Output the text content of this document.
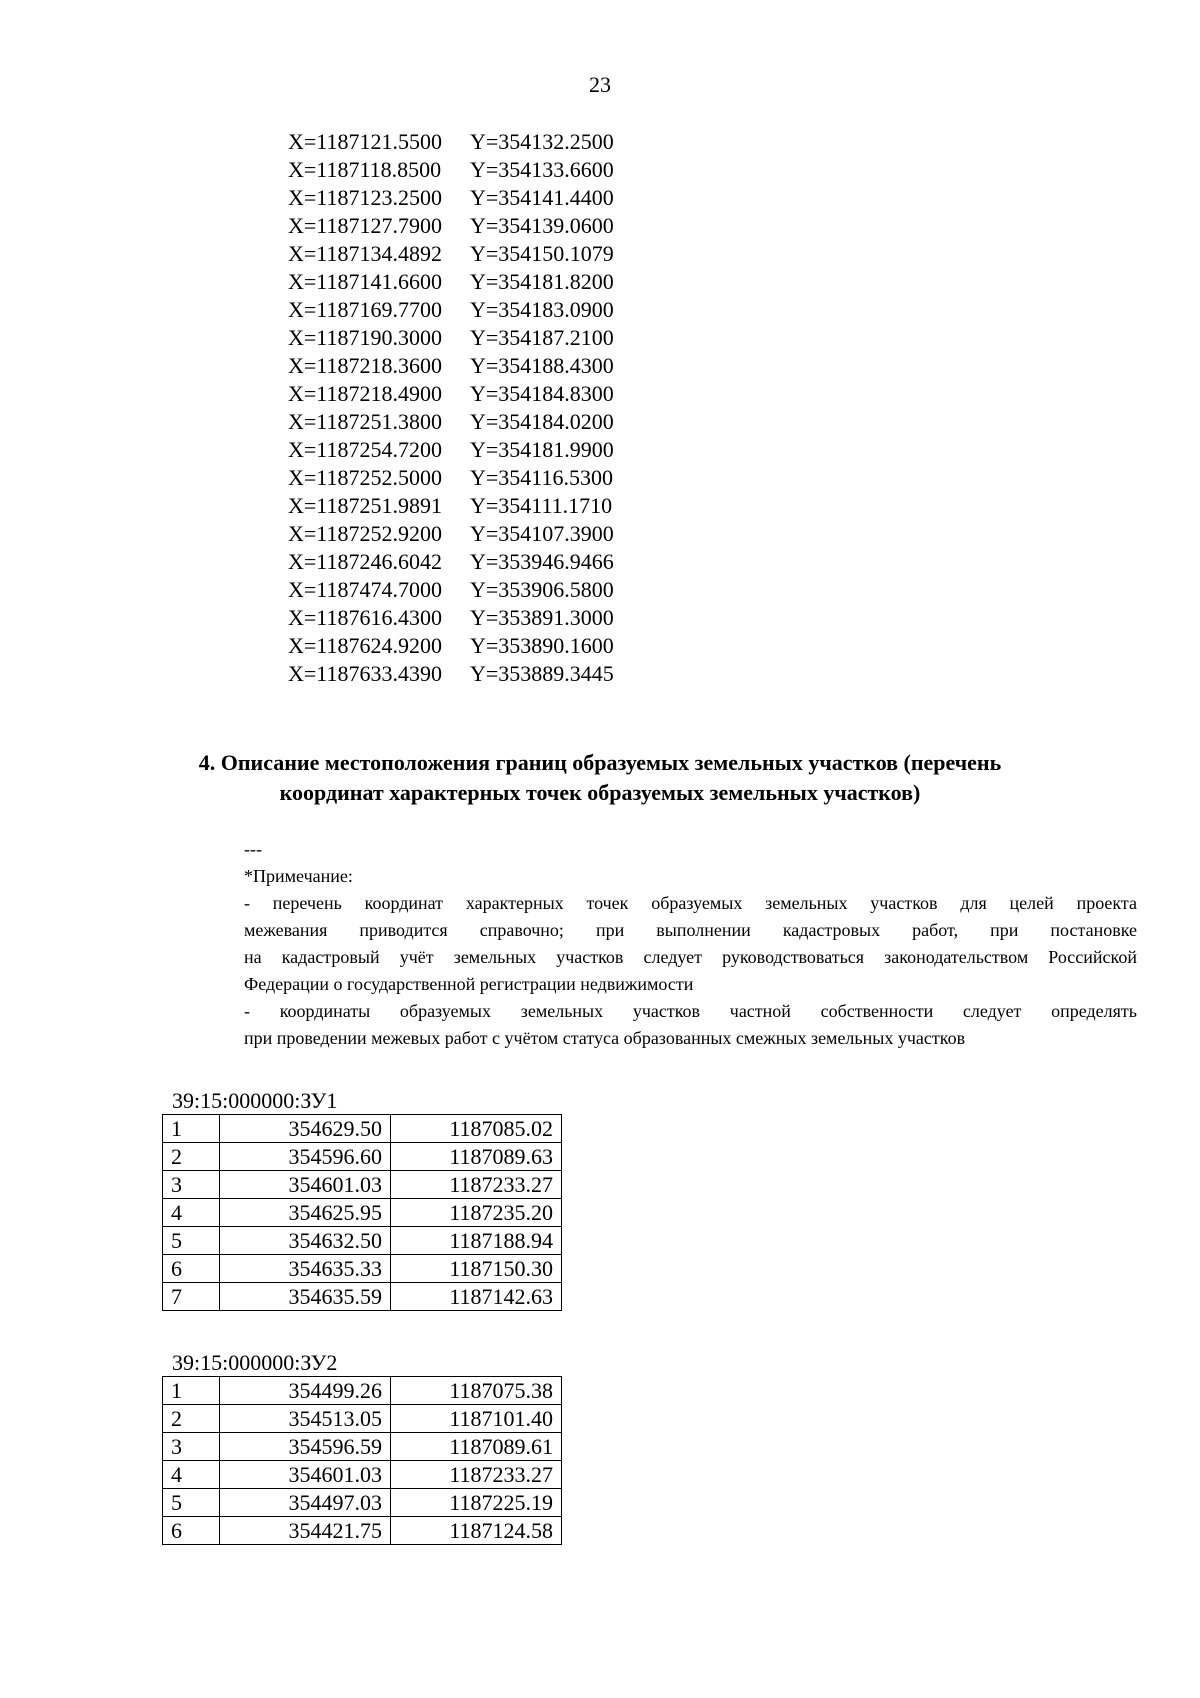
23
X=1187121.5500 Y=354132.2500
X=1187118.8500 Y=354133.6600
X=1187123.2500 Y=354141.4400
X=1187127.7900 Y=354139.0600
X=1187134.4892 Y=354150.1079
X=1187141.6600 Y=354181.8200
X=1187169.7700 Y=354183.0900
X=1187190.3000 Y=354187.2100
X=1187218.3600 Y=354188.4300
X=1187218.4900 Y=354184.8300
X=1187251.3800 Y=354184.0200
X=1187254.7200 Y=354181.9900
X=1187252.5000 Y=354116.5300
X=1187251.9891 Y=354111.1710
X=1187252.9200 Y=354107.3900
X=1187246.6042 Y=353946.9466
X=1187474.7000 Y=353906.5800
X=1187616.4300 Y=353891.3000
X=1187624.9200 Y=353890.1600
X=1187633.4390 Y=353889.3445
4. Описание местоположения границ образуемых земельных участков (перечень
координат характерных точек образуемых земельных участков)

---

*Примечание:

- перечень координат характерных точек образуемых земельных участков для целей проекта

межевания приводится справочно; при выполнении кадастровых работ, при постановке

на кадастровый учёт земельных участков следует руководствоваться законодательством Российской

Федерации о государственной регистрации недвижимости

- координаты образуемых земельных участков частной собственности следует определять

при проведении межевых работ с учётом статуса образованных смежных земельных участков

39:15:000000:ЗУ1
1	354629.50	1187085.02
2	354596.60	1187089.63
3	354601.03	1187233.27
4	354625.95	1187235.20
5	354632.50	1187188.94
6	354635.33	1187150.30
7	354635.59	1187142.63
39:15:000000:ЗУ2
1	354499.26	1187075.38
2	354513.05	1187101.40
3	354596.59	1187089.61
4	354601.03	1187233.27
5	354497.03	1187225.19
6	354421.75	1187124.58
